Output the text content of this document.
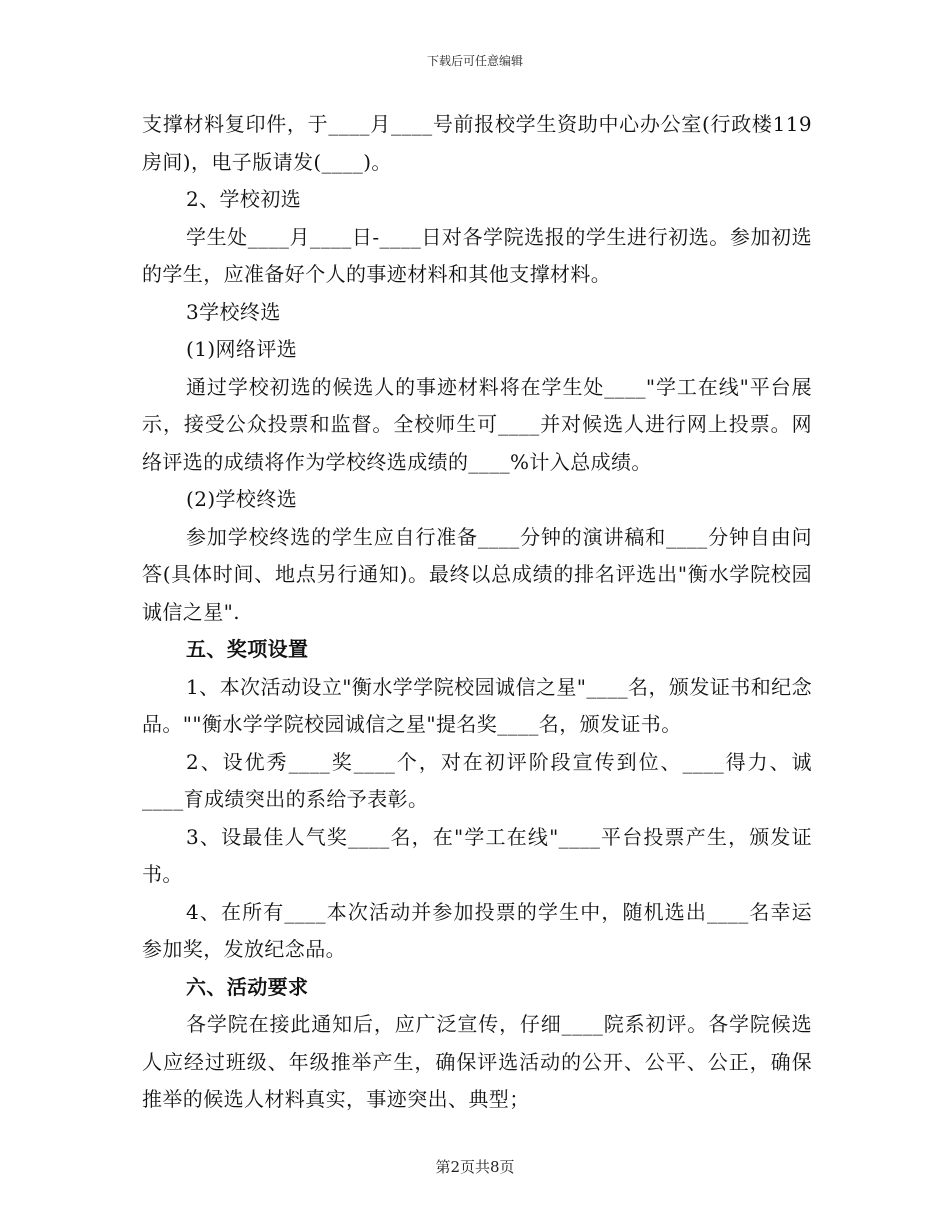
下载后可任意编辑

支撑材料复印件，于____月____号前报校学生资助中心办公室(行政楼119房间)，电子版请发(____)。

2、学校初选

学生处____月____日-____日对各学院选报的学生进行初选。参加初选的学生，应准备好个人的事迹材料和其他支撑材料。

3学校终选

(1)网络评选

通过学校初选的候选人的事迹材料将在学生处____"学工在线"平台展示，接受公众投票和监督。全校师生可____并对候选人进行网上投票。网络评选的成绩将作为学校终选成绩的____%计入总成绩。

(2)学校终选

参加学校终选的学生应自行准备____分钟的演讲稿和____分钟自由问答(具体时间、地点另行通知)。最终以总成绩的排名评选出"衡水学院校园诚信之星".

五、奖项设置

1、本次活动设立"衡水学学院校园诚信之星"____名，颁发证书和纪念品。""衡水学学院校园诚信之星"提名奖____名，颁发证书。

2、设优秀____奖____个，对在初评阶段宣传到位、____得力、诚____育成绩突出的系给予表彰。

3、设最佳人气奖____名，在"学工在线"____平台投票产生，颁发证书。

4、在所有____本次活动并参加投票的学生中，随机选出____名幸运参加奖，发放纪念品。

六、活动要求

各学院在接此通知后，应广泛宣传，仔细____院系初评。各学院候选人应经过班级、年级推举产生，确保评选活动的公开、公平、公正，确保推举的候选人材料真实，事迹突出、典型；

第2页共8页
